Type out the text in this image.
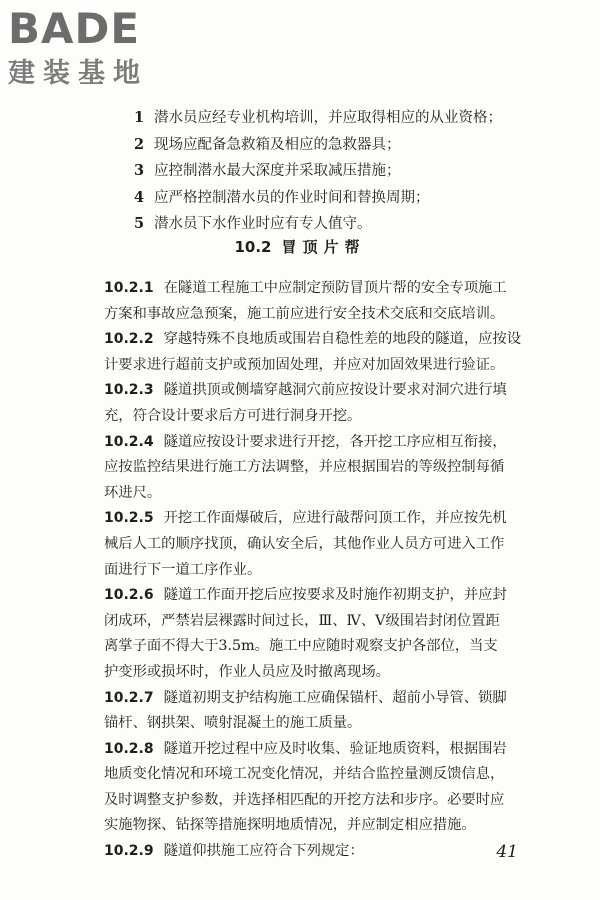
BADE
建装基地
1 潜水员应经专业机构培训，并应取得相应的从业资格；
2 现场应配备急救箱及相应的急救器具；
3 应控制潜水最大深度并采取减压措施；
4 应严格控制潜水员的作业时间和替换周期；
5 潜水员下水作业时应有专人值守。
10.2 冒顶片帮
10.2.1 在隧道工程施工中应制定预防冒顶片帮的安全专项施工
方案和事故应急预案，施工前应进行安全技术交底和交底培训。
10.2.2 穿越特殊不良地质或围岩自稳性差的地段的隧道，应按设
计要求进行超前支护或预加固处理，并应对加固效果进行验证。
10.2.3 隧道拱顶或侧墙穿越洞穴前应按设计要求对洞穴进行填
充，符合设计要求后方可进行洞身开挖。
10.2.4 隧道应按设计要求进行开挖，各开挖工序应相互衔接，
应按监控结果进行施工方法调整，并应根据围岩的等级控制每循
环进尺。
10.2.5 开挖工作面爆破后，应进行敲帮问顶工作，并应按先机
械后人工的顺序找顶，确认安全后，其他作业人员方可进入工作
面进行下一道工序作业。
10.2.6 隧道工作面开挖后应按要求及时施作初期支护，并应封
闭成环，严禁岩层裸露时间过长，Ⅲ、Ⅳ、Ⅴ级围岩封闭位置距
离掌子面不得大于3.5m。施工中应随时观察支护各部位，当支
护变形或损坏时，作业人员应及时撤离现场。
10.2.7 隧道初期支护结构施工应确保锚杆、超前小导管、锁脚
锚杆、钢拱架、喷射混凝土的施工质量。
10.2.8 隧道开挖过程中应及时收集、验证地质资料，根据围岩
地质变化情况和环境工况变化情况，并结合监控量测反馈信息，
及时调整支护参数，并选择相匹配的开挖方法和步序。必要时应
实施物探、钻探等措施探明地质情况，并应制定相应措施。
10.2.9 隧道仰拱施工应符合下列规定：	41
